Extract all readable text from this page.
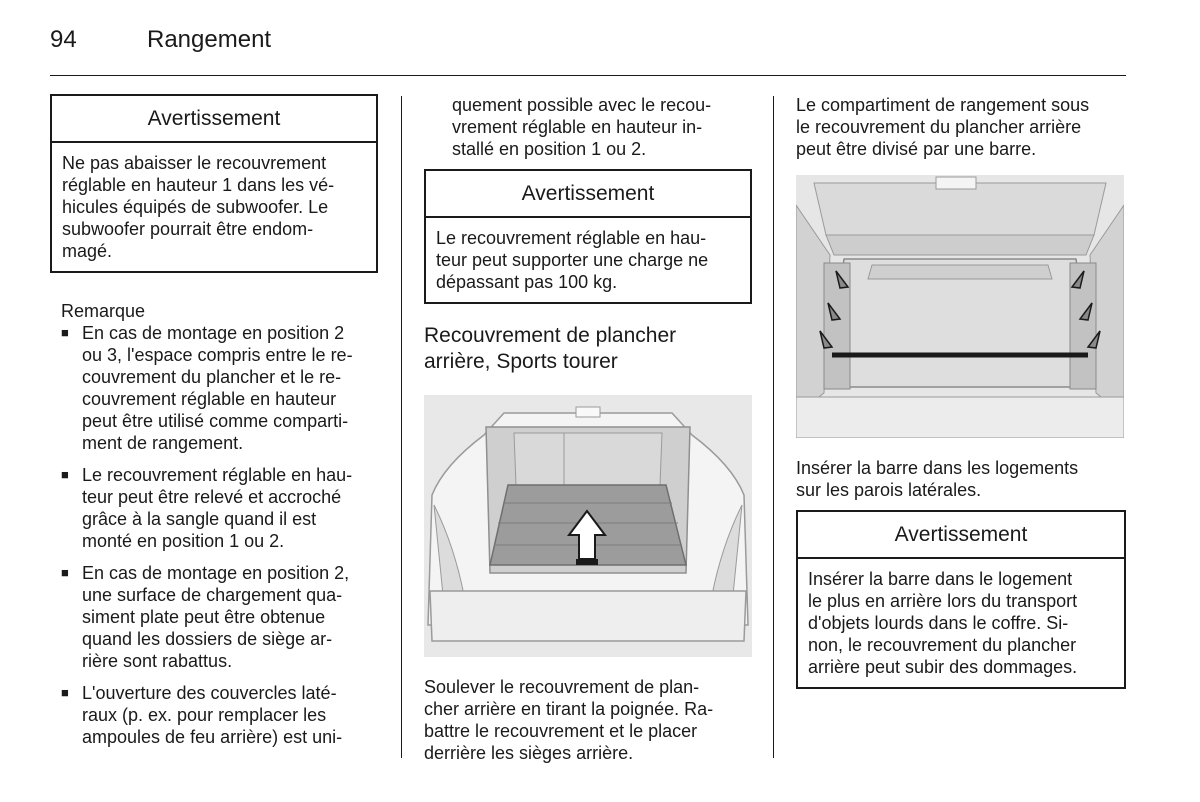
94	Rangement
Avertissement
Ne pas abaisser le recouvrement
réglable en hauteur 1 dans les vé-
hicules équipés de subwoofer. Le
subwoofer pourrait être endom-
magé.
Remarque
■ En cas de montage en position 2
ou 3, l'espace compris entre le re-
couvrement du plancher et le re-
couvrement réglable en hauteur
peut être utilisé comme comparti-
ment de rangement.
■ Le recouvrement réglable en hau-
teur peut être relevé et accroché
grâce à la sangle quand il est
monté en position 1 ou 2.
■ En cas de montage en position 2,
une surface de chargement qua-
siment plate peut être obtenue
quand les dossiers de siège ar-
rière sont rabattus.
■ L'ouverture des couvercles laté-
raux (p. ex. pour remplacer les
ampoules de feu arrière) est uni-
quement possible avec le recou-
vrement réglable en hauteur in-
stallé en position 1 ou 2.
Avertissement
Le recouvrement réglable en hau-
teur peut supporter une charge ne
dépassant pas 100 kg.
Recouvrement de plancher
arrière, Sports tourer
Soulever le recouvrement de plan-
cher arrière en tirant la poignée. Ra-
battre le recouvrement et le placer
derrière les sièges arrière.
Le compartiment de rangement sous
le recouvrement du plancher arrière
peut être divisé par une barre.
Insérer la barre dans les logements
sur les parois latérales.
Avertissement
Insérer la barre dans le logement
le plus en arrière lors du transport
d'objets lourds dans le coffre. Si-
non, le recouvrement du plancher
arrière peut subir des dommages.
